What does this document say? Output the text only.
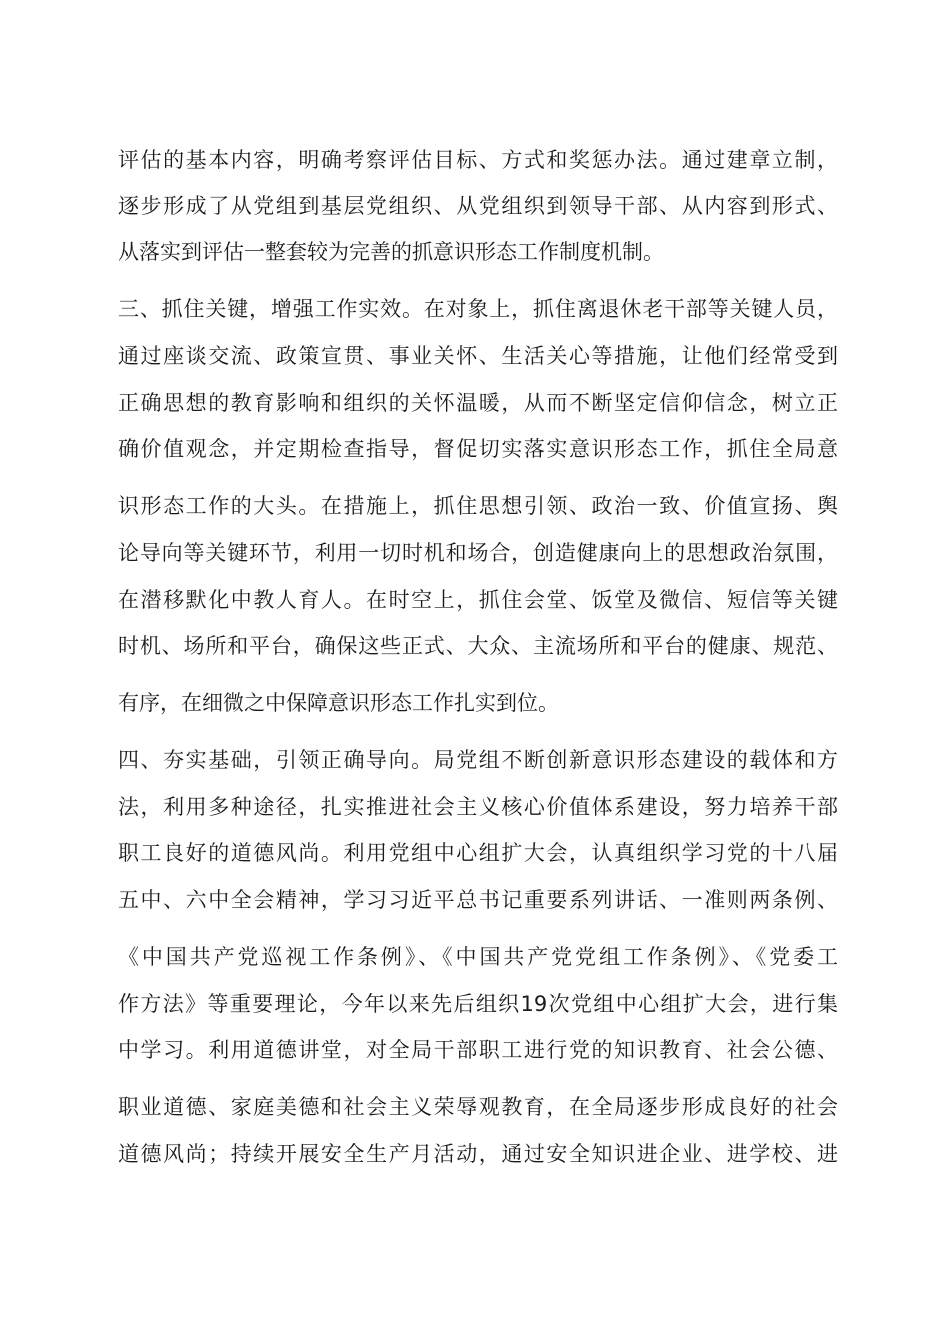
评估的基本内容，明确考察评估目标、方式和奖惩办法。通过建章立制，
逐步形成了从党组到基层党组织、从党组织到领导干部、从内容到形式、
从落实到评估一整套较为完善的抓意识形态工作制度机制。
三、抓住关键，增强工作实效。在对象上，抓住离退休老干部等关键人员，
通过座谈交流、政策宣贯、事业关怀、生活关心等措施，让他们经常受到
正确思想的教育影响和组织的关怀温暖，从而不断坚定信仰信念，树立正
确价值观念，并定期检查指导，督促切实落实意识形态工作，抓住全局意
识形态工作的大头。在措施上，抓住思想引领、政治一致、价值宣扬、舆
论导向等关键环节，利用一切时机和场合，创造健康向上的思想政治氛围，
在潜移默化中教人育人。在时空上，抓住会堂、饭堂及微信、短信等关键
时机、场所和平台，确保这些正式、大众、主流场所和平台的健康、规范、
有序，在细微之中保障意识形态工作扎实到位。
四、夯实基础，引领正确导向。局党组不断创新意识形态建设的载体和方
法，利用多种途径，扎实推进社会主义核心价值体系建设，努力培养干部
职工良好的道德风尚。利用党组中心组扩大会，认真组织学习党的十八届
五中、六中全会精神，学习习近平总书记重要系列讲话、一准则两条例、
《中国共产党巡视工作条例》、《中国共产党党组工作条例》、《党委工
作方法》等重要理论，今年以来先后组织19次党组中心组扩大会，进行集
中学习。利用道德讲堂，对全局干部职工进行党的知识教育、社会公德、
职业道德、家庭美德和社会主义荣辱观教育，在全局逐步形成良好的社会
道德风尚；持续开展安全生产月活动，通过安全知识进企业、进学校、进
